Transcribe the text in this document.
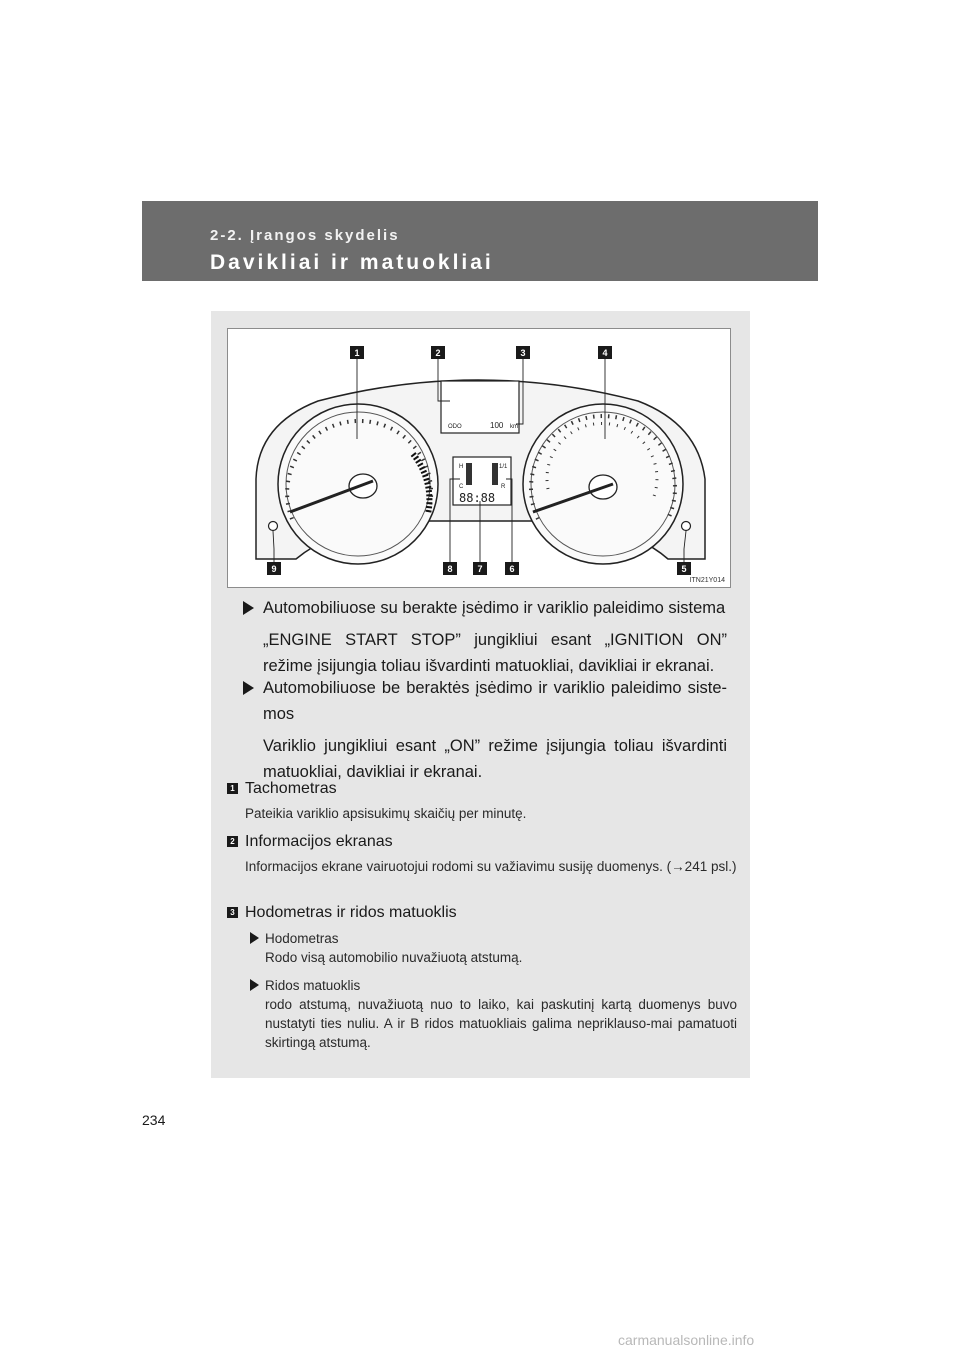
2-2. Įrangos skydelis
Davikliai ir matuokliai
ODO	100 km
H
C
1/1
R
88:88
1	2	3	4
5
6
7
8
9
ITN21Y014

Automobiliuose su berakte įsėdimo ir variklio paleidimo sistema

„ENGINE START STOP” jungikliui esant „IGNITION ON” režime įsijungia toliau išvardinti matuokliai, davikliai ir ekranai.

Automobiliuose be beraktės įsėdimo ir variklio paleidimo siste-mos

Variklio jungikliui esant „ON” režime įsijungia toliau išvardinti matuokliai, davikliai ir ekranai.

1 Tachometras
Pateikia variklio apsisukimų skaičių per minutę.
2 Informacijos ekranas
Informacijos ekrane vairuotojui rodomi su važiavimu susiję duomenys. (→241 psl.)
3 Hodometras ir ridos matuoklis

Hodometras

Rodo visą automobilio nuvažiuotą atstumą.

Ridos matuoklis

rodo atstumą, nuvažiuotą nuo to laiko, kai paskutinį kartą duomenys buvo nustatyti ties nuliu. A ir B ridos matuokliais galima nepriklauso-mai pamatuoti skirtingą atstumą.

234
carmanualsonline.info
